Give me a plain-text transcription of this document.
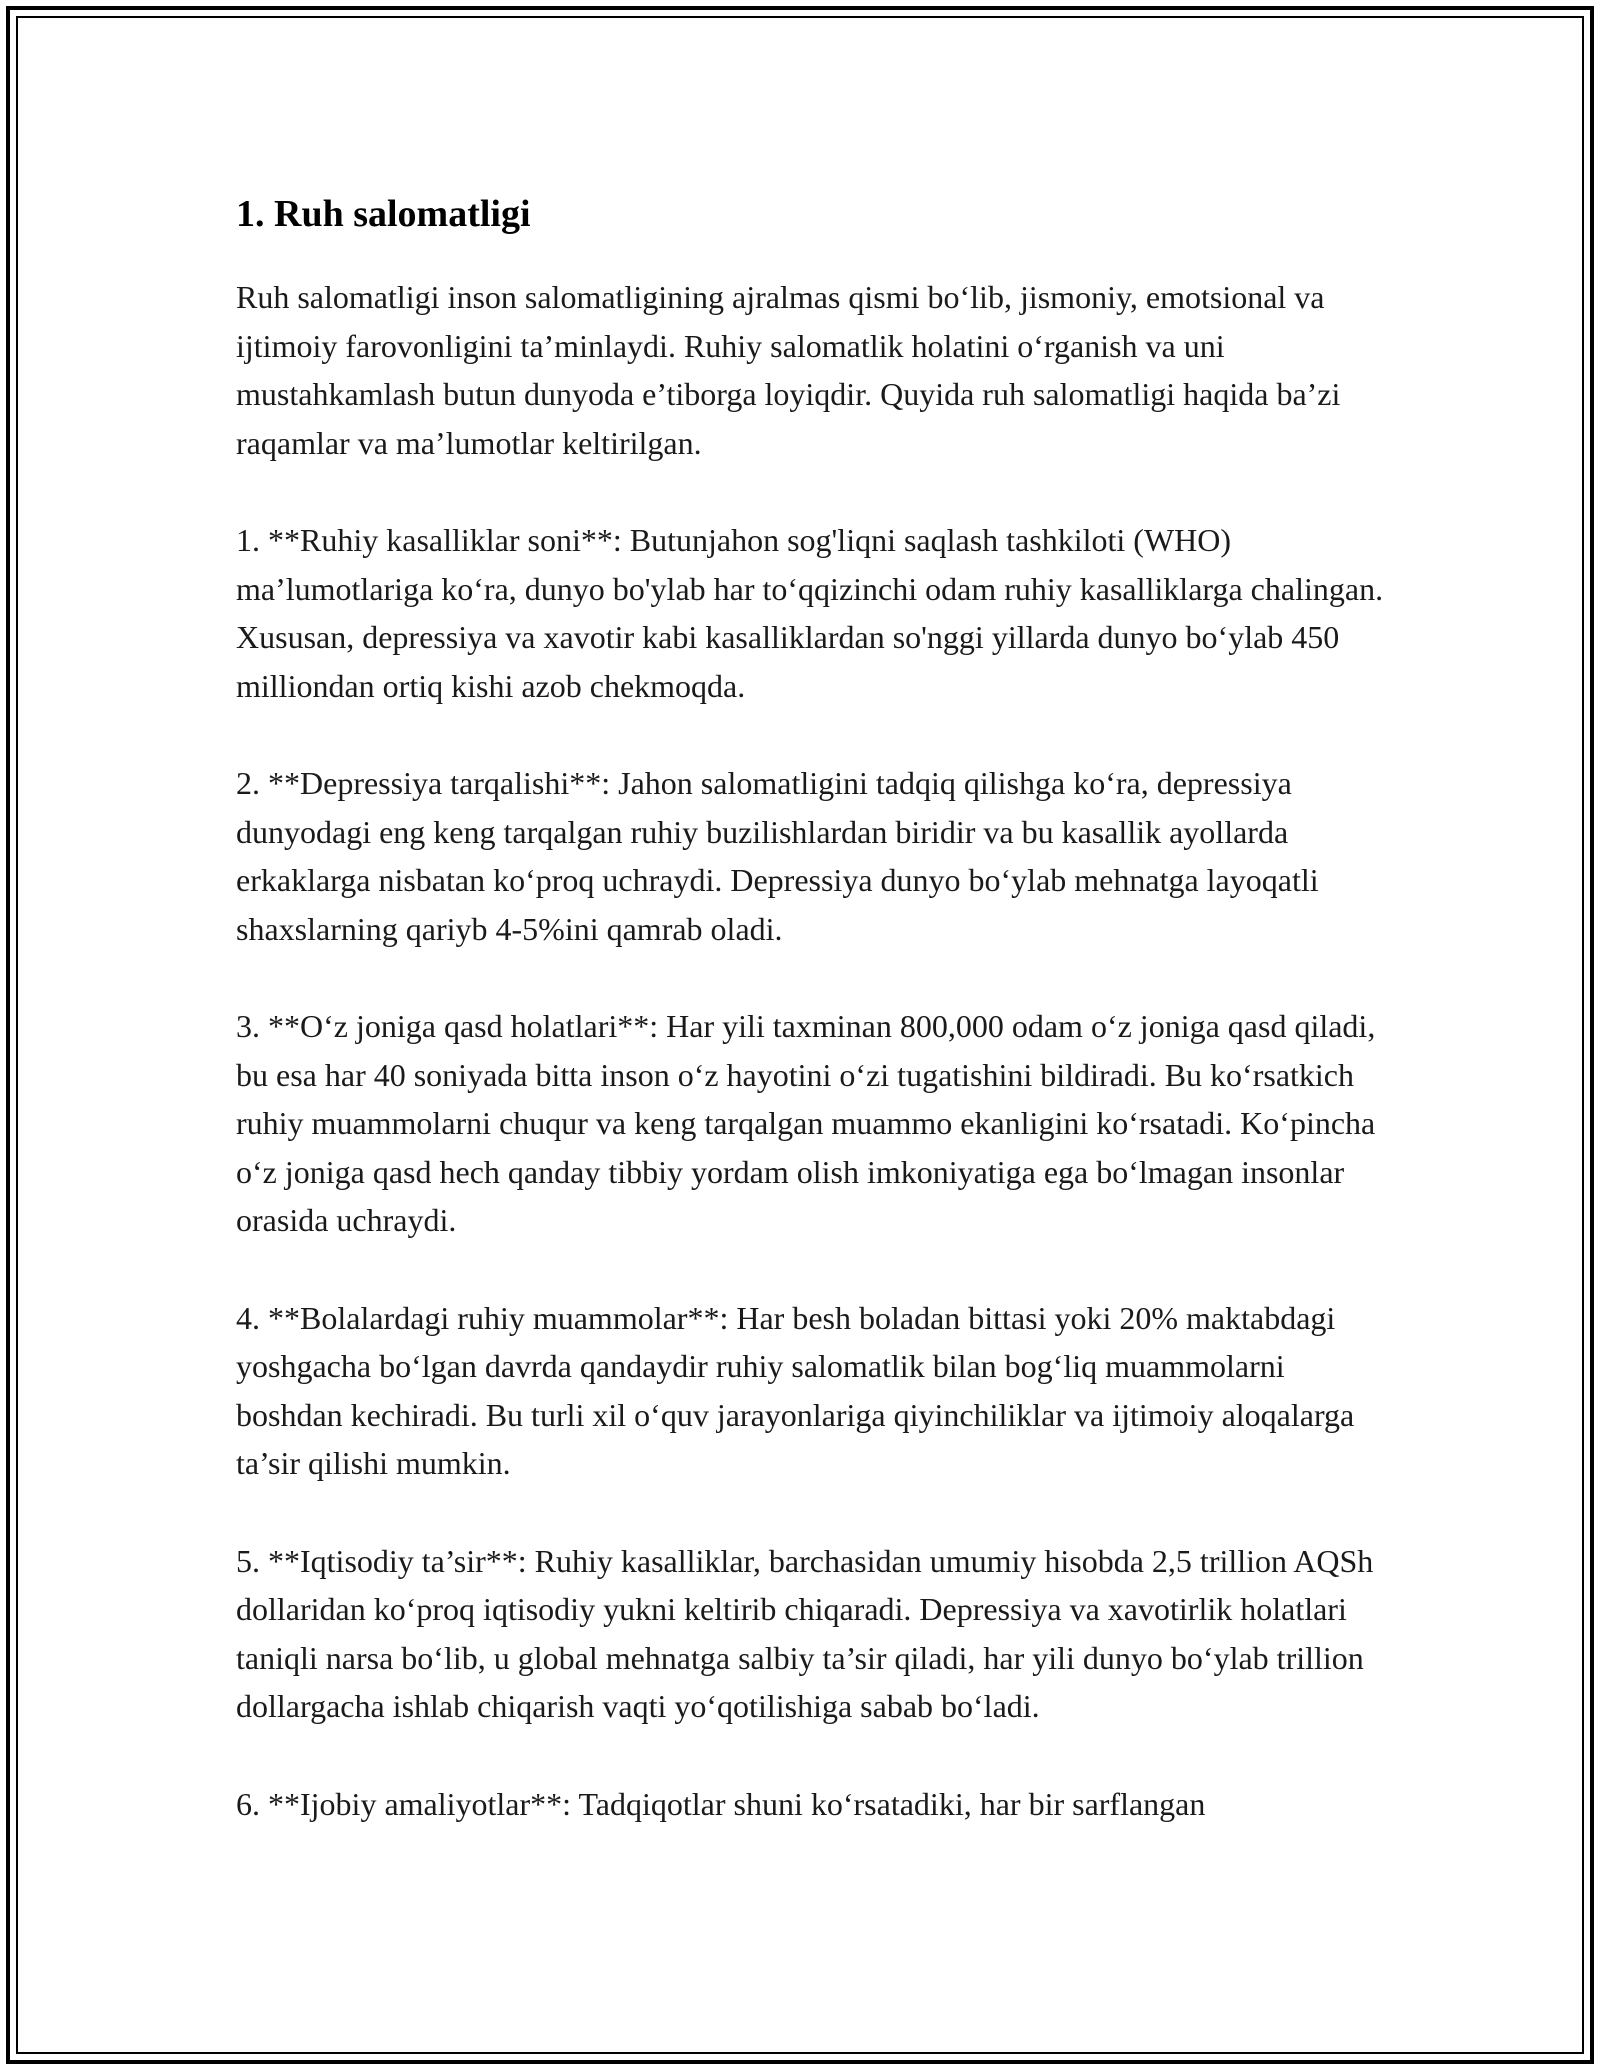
1. Ruh salomatligi

Ruh salomatligi inson salomatligining ajralmas qismi bo‘lib, jismoniy, emotsional va ijtimoiy farovonligini ta’minlaydi. Ruhiy salomatlik holatini o‘rganish va uni mustahkamlash butun dunyoda e’tiborga loyiqdir. Quyida ruh salomatligi haqida ba’zi raqamlar va ma’lumotlar keltirilgan.

1. **Ruhiy kasalliklar soni**: Butunjahon sog'liqni saqlash tashkiloti (WHO) ma’lumotlariga ko‘ra, dunyo bo'ylab har to‘qqizinchi odam ruhiy kasalliklarga chalingan. Xususan, depressiya va xavotir kabi kasalliklardan so'nggi yillarda dunyo bo‘ylab 450 milliondan ortiq kishi azob chekmoqda.

2. **Depressiya tarqalishi**: Jahon salomatligini tadqiq qilishga ko‘ra, depressiya dunyodagi eng keng tarqalgan ruhiy buzilishlardan biridir va bu kasallik ayollarda erkaklarga nisbatan ko‘proq uchraydi. Depressiya dunyo bo‘ylab mehnatga layoqatli shaxslarning qariyb 4-5%ini qamrab oladi.

3. **O‘z joniga qasd holatlari**: Har yili taxminan 800,000 odam o‘z joniga qasd qiladi, bu esa har 40 soniyada bitta inson o‘z hayotini o‘zi tugatishini bildiradi. Bu ko‘rsatkich ruhiy muammolarni chuqur va keng tarqalgan muammo ekanligini ko‘rsatadi. Ko‘pincha o‘z joniga qasd hech qanday tibbiy yordam olish imkoniyatiga ega bo‘lmagan insonlar orasida uchraydi.

4. **Bolalardagi ruhiy muammolar**: Har besh boladan bittasi yoki 20% maktabdagi yoshgacha bo‘lgan davrda qandaydir ruhiy salomatlik bilan bog‘liq muammolarni boshdan kechiradi. Bu turli xil o‘quv jarayonlariga qiyinchiliklar va ijtimoiy aloqalarga ta’sir qilishi mumkin.

5. **Iqtisodiy ta’sir**: Ruhiy kasalliklar, barchasidan umumiy hisobda 2,5 trillion AQSh dollaridan ko‘proq iqtisodiy yukni keltirib chiqaradi. Depressiya va xavotirlik holatlari taniqli narsa bo‘lib, u global mehnatga salbiy ta’sir qiladi, har yili dunyo bo‘ylab trillion dollargacha ishlab chiqarish vaqti yo‘qotilishiga sabab bo‘ladi.

6. **Ijobiy amaliyotlar**: Tadqiqotlar shuni ko‘rsatadiki, har bir sarflangan
